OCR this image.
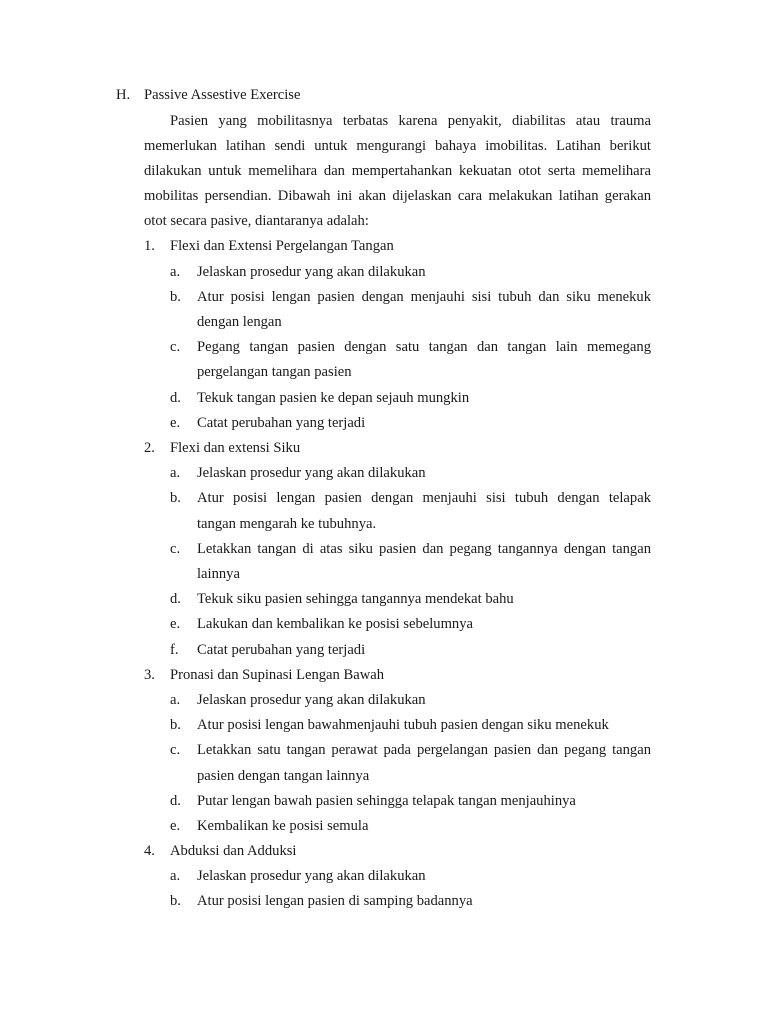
H. Passive Assestive Exercise
Pasien yang mobilitasnya terbatas karena penyakit, diabilitas atau trauma
memerlukan latihan sendi untuk mengurangi bahaya imobilitas. Latihan berikut
dilakukan untuk memelihara dan mempertahankan kekuatan otot serta memelihara
mobilitas persendian. Dibawah ini akan dijelaskan cara melakukan latihan gerakan
otot secara pasive, diantaranya adalah:
1. Flexi dan Extensi Pergelangan Tangan
a. Jelaskan prosedur yang akan dilakukan
b. Atur posisi lengan pasien dengan menjauhi sisi tubuh dan siku menekuk
dengan lengan
c. Pegang tangan pasien dengan satu tangan dan tangan lain memegang
pergelangan tangan pasien
d. Tekuk tangan pasien ke depan sejauh mungkin
e. Catat perubahan yang terjadi
2. Flexi dan extensi Siku
a. Jelaskan prosedur yang akan dilakukan
b. Atur posisi lengan pasien dengan menjauhi sisi tubuh dengan telapak
tangan mengarah ke tubuhnya.
c. Letakkan tangan di atas siku pasien dan pegang tangannya dengan tangan
lainnya
d. Tekuk siku pasien sehingga tangannya mendekat bahu
e. Lakukan dan kembalikan ke posisi sebelumnya
f. Catat perubahan yang terjadi
3. Pronasi dan Supinasi Lengan Bawah
a. Jelaskan prosedur yang akan dilakukan
b. Atur posisi lengan bawahmenjauhi tubuh pasien dengan siku menekuk
c. Letakkan satu tangan perawat pada pergelangan pasien dan pegang tangan
pasien dengan tangan lainnya
d. Putar lengan bawah pasien sehingga telapak tangan menjauhinya
e. Kembalikan ke posisi semula
4. Abduksi dan Adduksi
a. Jelaskan prosedur yang akan dilakukan
b. Atur posisi lengan pasien di samping badannya
